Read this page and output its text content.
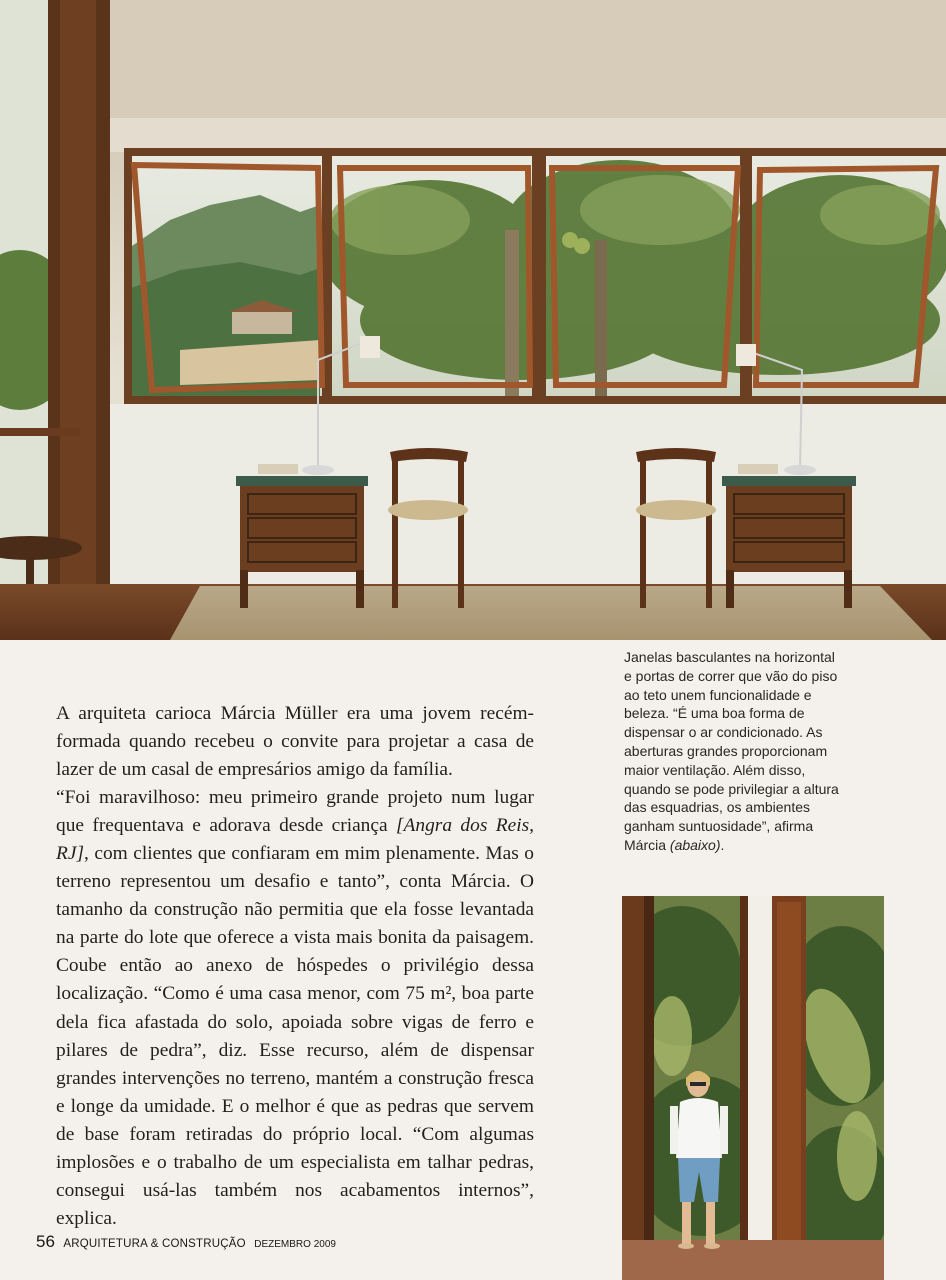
A arquiteta carioca Márcia Müller era uma jovem recém-formada quando recebeu o convite para projetar a casa de lazer de um casal de empresários amigo da família.

“Foi maravilhoso: meu primeiro grande projeto num lugar que frequentava e adorava desde criança [Angra dos Reis, RJ], com clientes que confiaram em mim plenamente. Mas o terreno representou um desafio e tanto”, conta Márcia. O tamanho da construção não permitia que ela fosse levantada na parte do lote que oferece a vista mais bonita da paisagem. Coube então ao anexo de hóspedes o privilégio dessa localização. “Como é uma casa menor, com 75 m², boa parte dela fica afastada do solo, apoiada sobre vigas de ferro e pilares de pedra”, diz. Esse recurso, além de dispensar grandes intervenções no terreno, mantém a construção fresca e longe da umidade. E o melhor é que as pedras que servem de base foram retiradas do próprio local. “Com algumas implosões e o trabalho de um especialista em talhar pedras, consegui usá-las também nos acabamentos internos”, explica.

Janelas basculantes na horizontal e portas de correr que vão do piso ao teto unem funcionalidade e beleza. “É uma boa forma de dispensar o ar condicionado. As aberturas grandes proporcionam maior ventilação. Além disso, quando se pode privilegiar a altura das esquadrias, os ambientes ganham suntuosidade”, afirma Márcia (abaixo).
56 ARQUITETURA & CONSTRUÇÃO DEZEMBRO 2009
